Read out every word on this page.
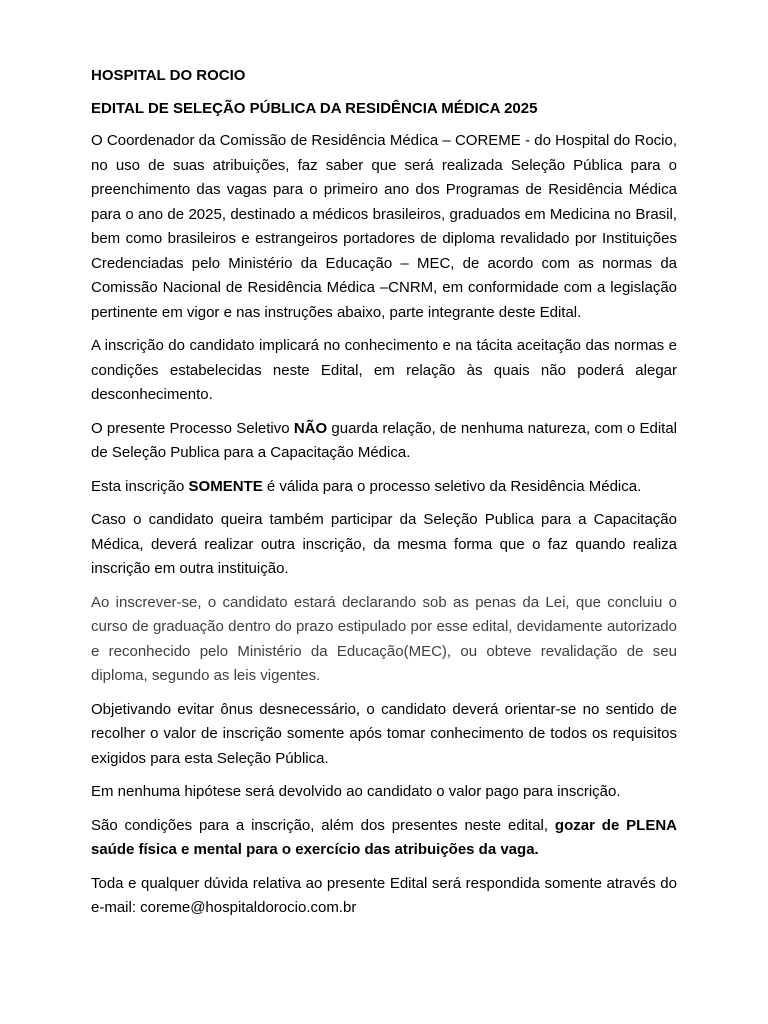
HOSPITAL DO ROCIO
EDITAL DE SELEÇÃO PÚBLICA DA RESIDÊNCIA MÉDICA 2025

O Coordenador da Comissão de Residência Médica – COREME - do Hospital do Rocio, no uso de suas atribuições, faz saber que será realizada Seleção Pública para o preenchimento das vagas para o primeiro ano dos Programas de Residência Médica para o ano de 2025, destinado a médicos brasileiros, graduados em Medicina no Brasil, bem como brasileiros e estrangeiros portadores de diploma revalidado por Instituições Credenciadas pelo Ministério da Educação – MEC, de acordo com as normas da Comissão Nacional de Residência Médica –CNRM, em conformidade com a legislação pertinente em vigor e nas instruções abaixo, parte integrante deste Edital.

A inscrição do candidato implicará no conhecimento e na tácita aceitação das normas e condições estabelecidas neste Edital, em relação às quais não poderá alegar desconhecimento.

O presente Processo Seletivo NÃO guarda relação, de nenhuma natureza, com o Edital de Seleção Publica para a Capacitação Médica.

Esta inscrição SOMENTE é válida para o processo seletivo da Residência Médica.

Caso o candidato queira também participar da Seleção Publica para a Capacitação Médica, deverá realizar outra inscrição, da mesma forma que o faz quando realiza inscrição em outra instituição.

Ao inscrever-se, o candidato estará declarando sob as penas da Lei, que concluiu o curso de graduação dentro do prazo estipulado por esse edital, devidamente autorizado e reconhecido pelo Ministério da Educação(MEC), ou obteve revalidação de seu diploma, segundo as leis vigentes.

Objetivando evitar ônus desnecessário, o candidato deverá orientar-se no sentido de recolher o valor de inscrição somente após tomar conhecimento de todos os requisitos exigidos para esta Seleção Pública.

Em nenhuma hipótese será devolvido ao candidato o valor pago para inscrição.

São condições para a inscrição, além dos presentes neste edital, gozar de PLENA saúde física e mental para o exercício das atribuições da vaga.

Toda e qualquer dúvida relativa ao presente Edital será respondida somente através do e-mail: coreme@hospitaldorocio.com.br
